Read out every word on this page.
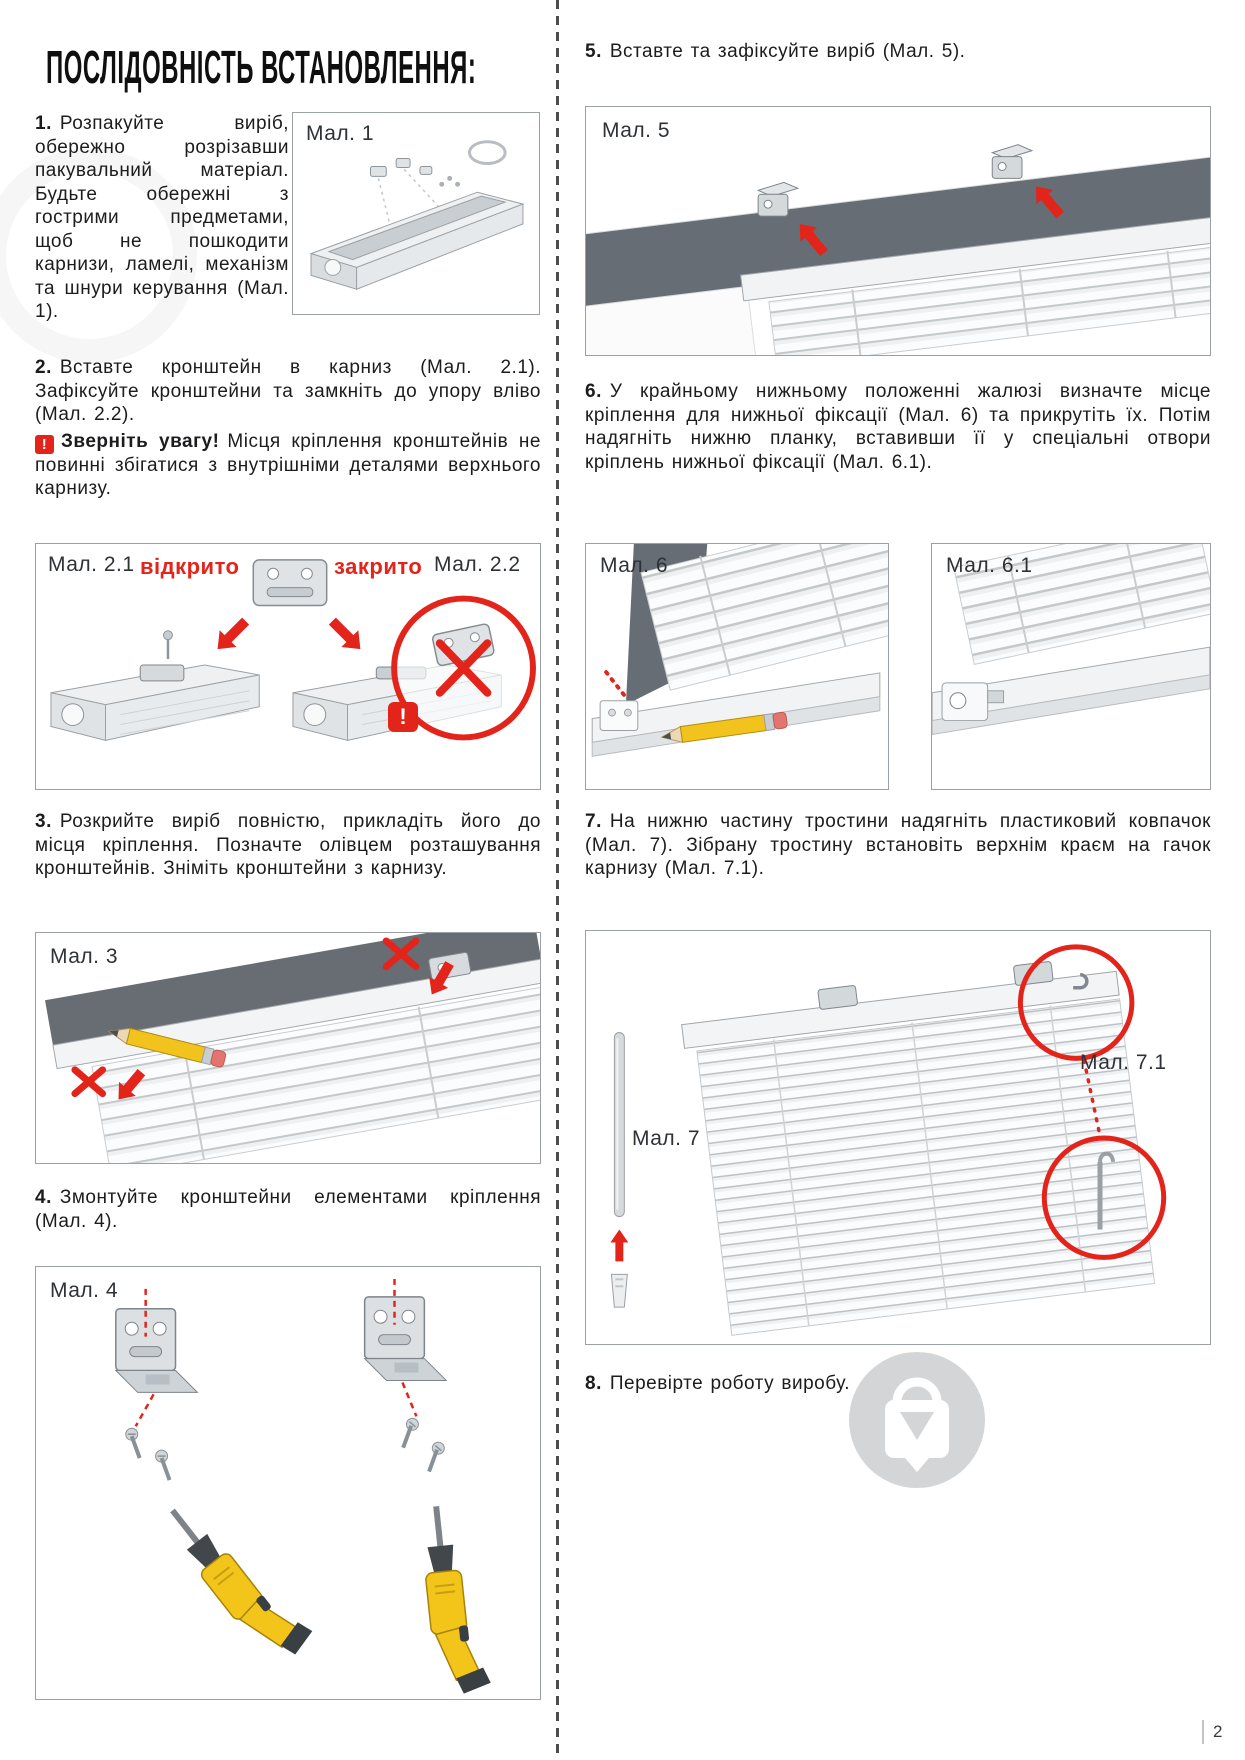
ПОСЛІДОВНІСТЬ ВСТАНОВЛЕННЯ:

1. Розпакуйте виріб, обережно розрізавши пакувальний матеріал. Будьте обережні з гострими предметами, щоб не пошкодити карнизи, ламелі, механізм та шнури керування (Мал. 1).

Мал. 1

2. Вставте кронштейн в карниз (Мал. 2.1). Зафіксуйте кронштейни та замкніть до упору вліво (Мал. 2.2).

! Зверніть увагу! Місця кріплення кронштейнів не повинні збігатися з внутрішніми деталями верхнього карнизу.

Мал. 2.1 відкрито	закрито Мал. 2.2
!

3. Розкрийте виріб повністю, прикладіть його до місця кріплення. Позначте олівцем розташування кронштейнів. Зніміть кронштейни з карнизу.

Мал. 3

4. Змонтуйте кронштейни елементами кріплення (Мал. 4).

Мал. 4

5. Вставте та зафіксуйте виріб (Мал. 5).

Мал. 5

6. У крайньому нижньому положенні жалюзі визначте місце кріплення для нижньої фіксації (Мал. 6) та прикрутіть їх. Потім надягніть нижню планку, вставивши її у спеціальні отвори кріплень нижньої фіксації (Мал. 6.1).

Мал. 6	Мал. 6.1

7. На нижню частину тростини надягніть пластиковий ковпачок (Мал. 7). Зібрану тростину встановіть верхнім краєм на гачок карнизу (Мал. 7.1).

Мал. 7
Мал. 7.1

8. Перевірте роботу виробу.

2
